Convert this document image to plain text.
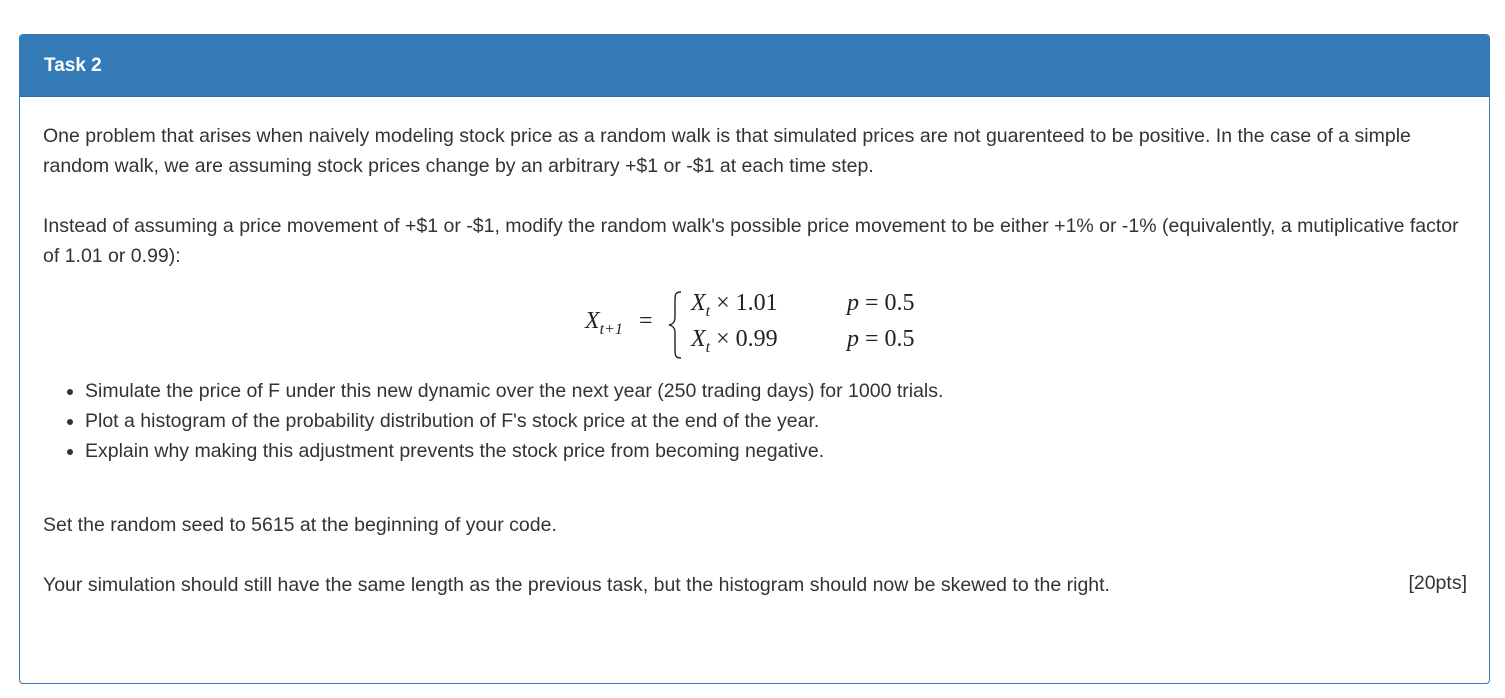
Task 2

One problem that arises when naively modeling stock price as a random walk is that simulated prices are not guarenteed to be positive. In the case of a simple random walk, we are assuming stock prices change by an arbitrary +$1 or -$1 at each time step.

Instead of assuming a price movement of +$1 or -$1, modify the random walk's possible price movement to be either +1% or -1% (equivalently, a mutiplicative factor of 1.01 or 0.99):

$X_{t+1}$ =
$X_t \times 1.01$
$X_t \times 0.99$
p = 0.5
p = 0.5
• Simulate the price of F under this new dynamic over the next year (250 trading days) for 1000 trials.
• Plot a histogram of the probability distribution of F's stock price at the end of the year.
• Explain why making this adjustment prevents the stock price from becoming negative.

Set the random seed to 5615 at the beginning of your code.

Your simulation should still have the same length as the previous task, but the histogram should now be skewed to the right.	[20pts]
